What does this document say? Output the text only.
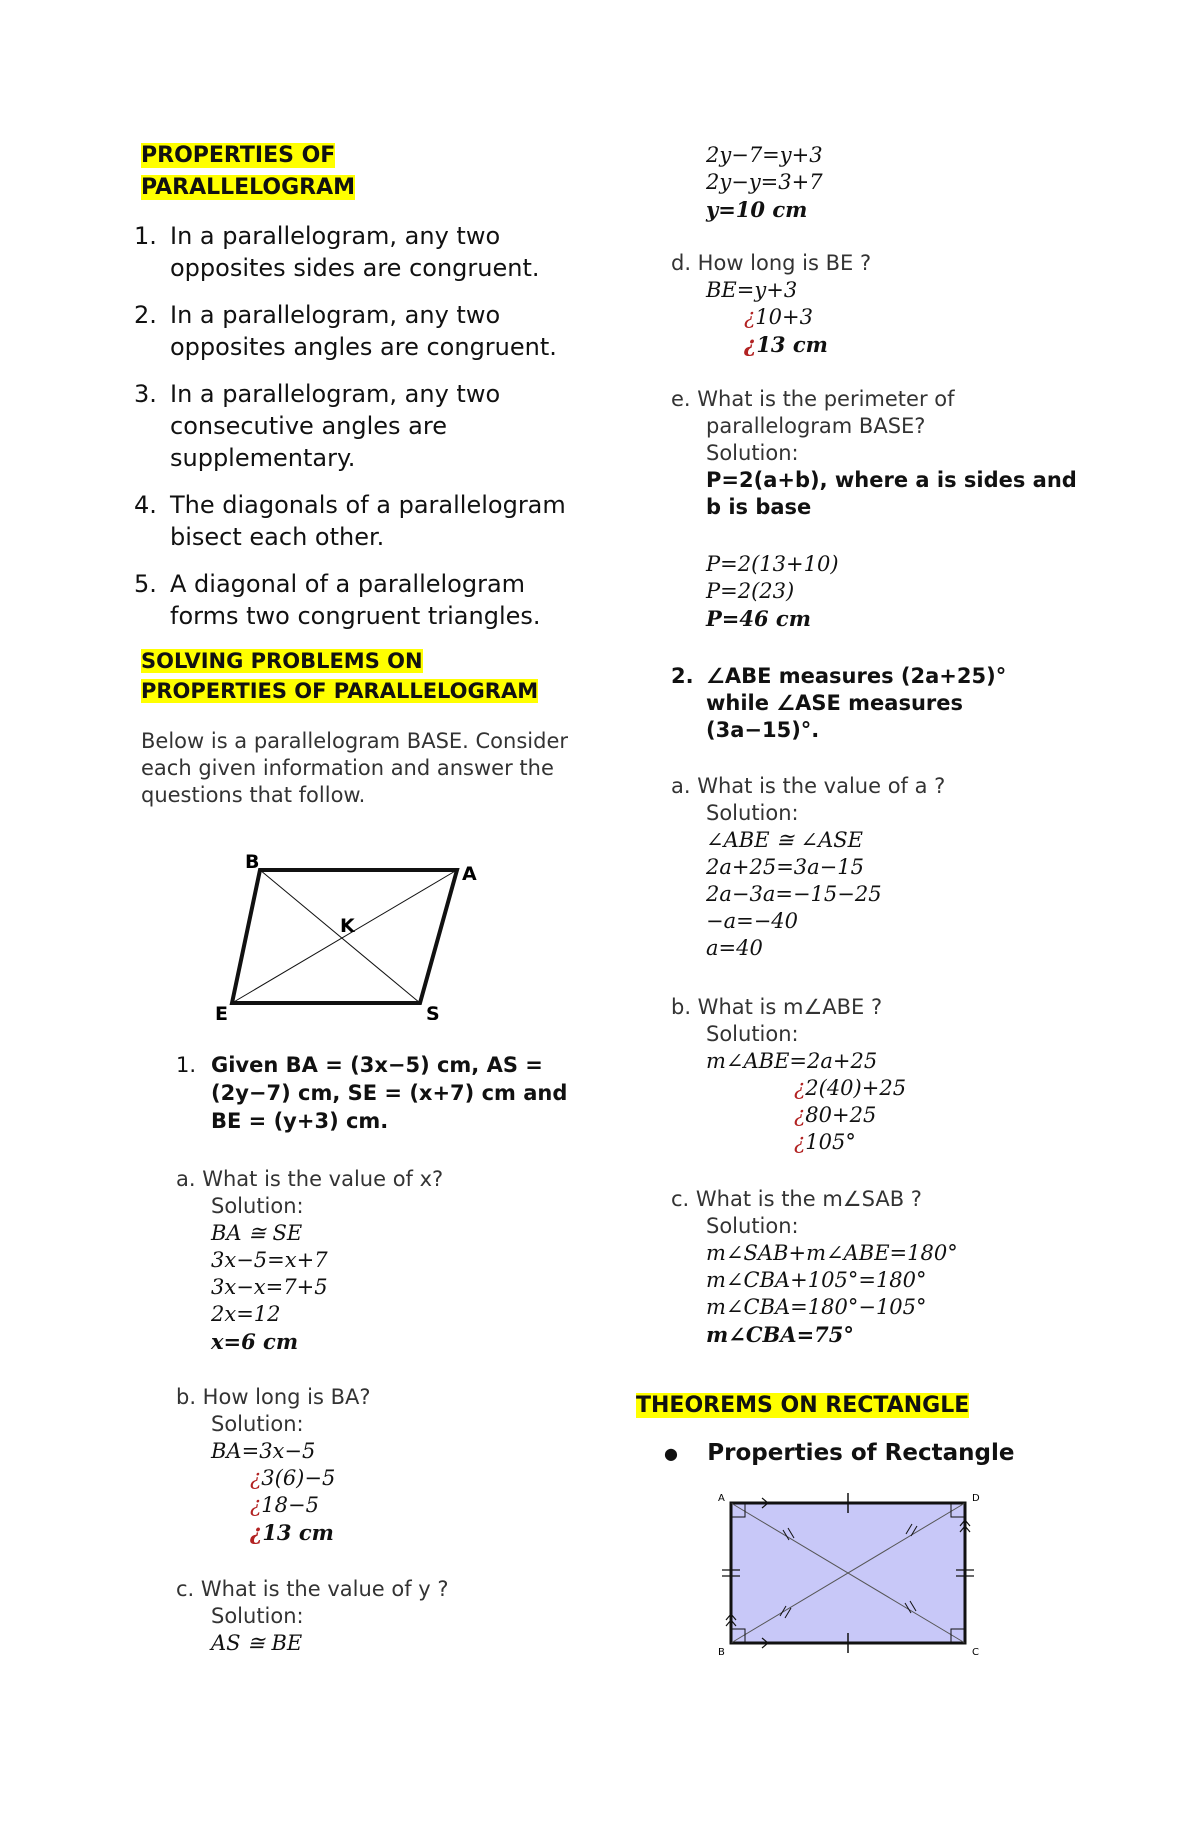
PROPERTIES OF
PARALLELOGRAM
1. In a parallelogram, any two opposites sides are congruent.
2. In a parallelogram, any two opposites angles are congruent.
3. In a parallelogram, any two consecutive angles are supplementary.
4. The diagonals of a parallelogram bisect each other.
5. A diagonal of a parallelogram forms two congruent triangles.
SOLVING PROBLEMS ON
PROPERTIES OF PARALLELOGRAM
Below is a parallelogram BASE. Consider each given information and answer the questions that follow.
B
A
K
E	S
1. Given BA = (3x−5) cm, AS =
(2y−7) cm, SE = (x+7) cm and
BE = (y+3) cm.
a. What is the value of x?
Solution:
BA ≅ SE
3x−5=x+7
3x−x=7+5
2x=12
x=6 cm
b. How long is BA?
Solution:
BA=3x−5
¿3(6)−5
¿18−5
¿13 cm
c. What is the value of y ?
Solution:
AS ≅ BE
2y−7=y+3
2y−y=3+7
y=10 cm
d. How long is BE ?
BE=y+3
¿10+3
¿13 cm
e. What is the perimeter of
parallelogram BASE?
Solution:
P=2(a+b), where a is sides and
b is base
P=2(13+10)
P=2(23)
P=46 cm
2. ∠ABE measures (2a+25)°
while ∠ASE measures
(3a−15)°.
a. What is the value of a ?
Solution:
∠ABE ≅ ∠ASE
2a+25=3a−15
2a−3a=−15−25
−a=−40
a=40
b. What is m∠ABE ?
Solution:
m∠ABE=2a+25
¿2(40)+25
¿80+25
¿105°
c. What is the m∠SAB ?
Solution:
m∠SAB+m∠ABE=180°
m∠CBA+105°=180°
m∠CBA=180°−105°
m∠CBA=75°
THEOREMS ON RECTANGLE
● Properties of Rectangle
A	D
B	C
